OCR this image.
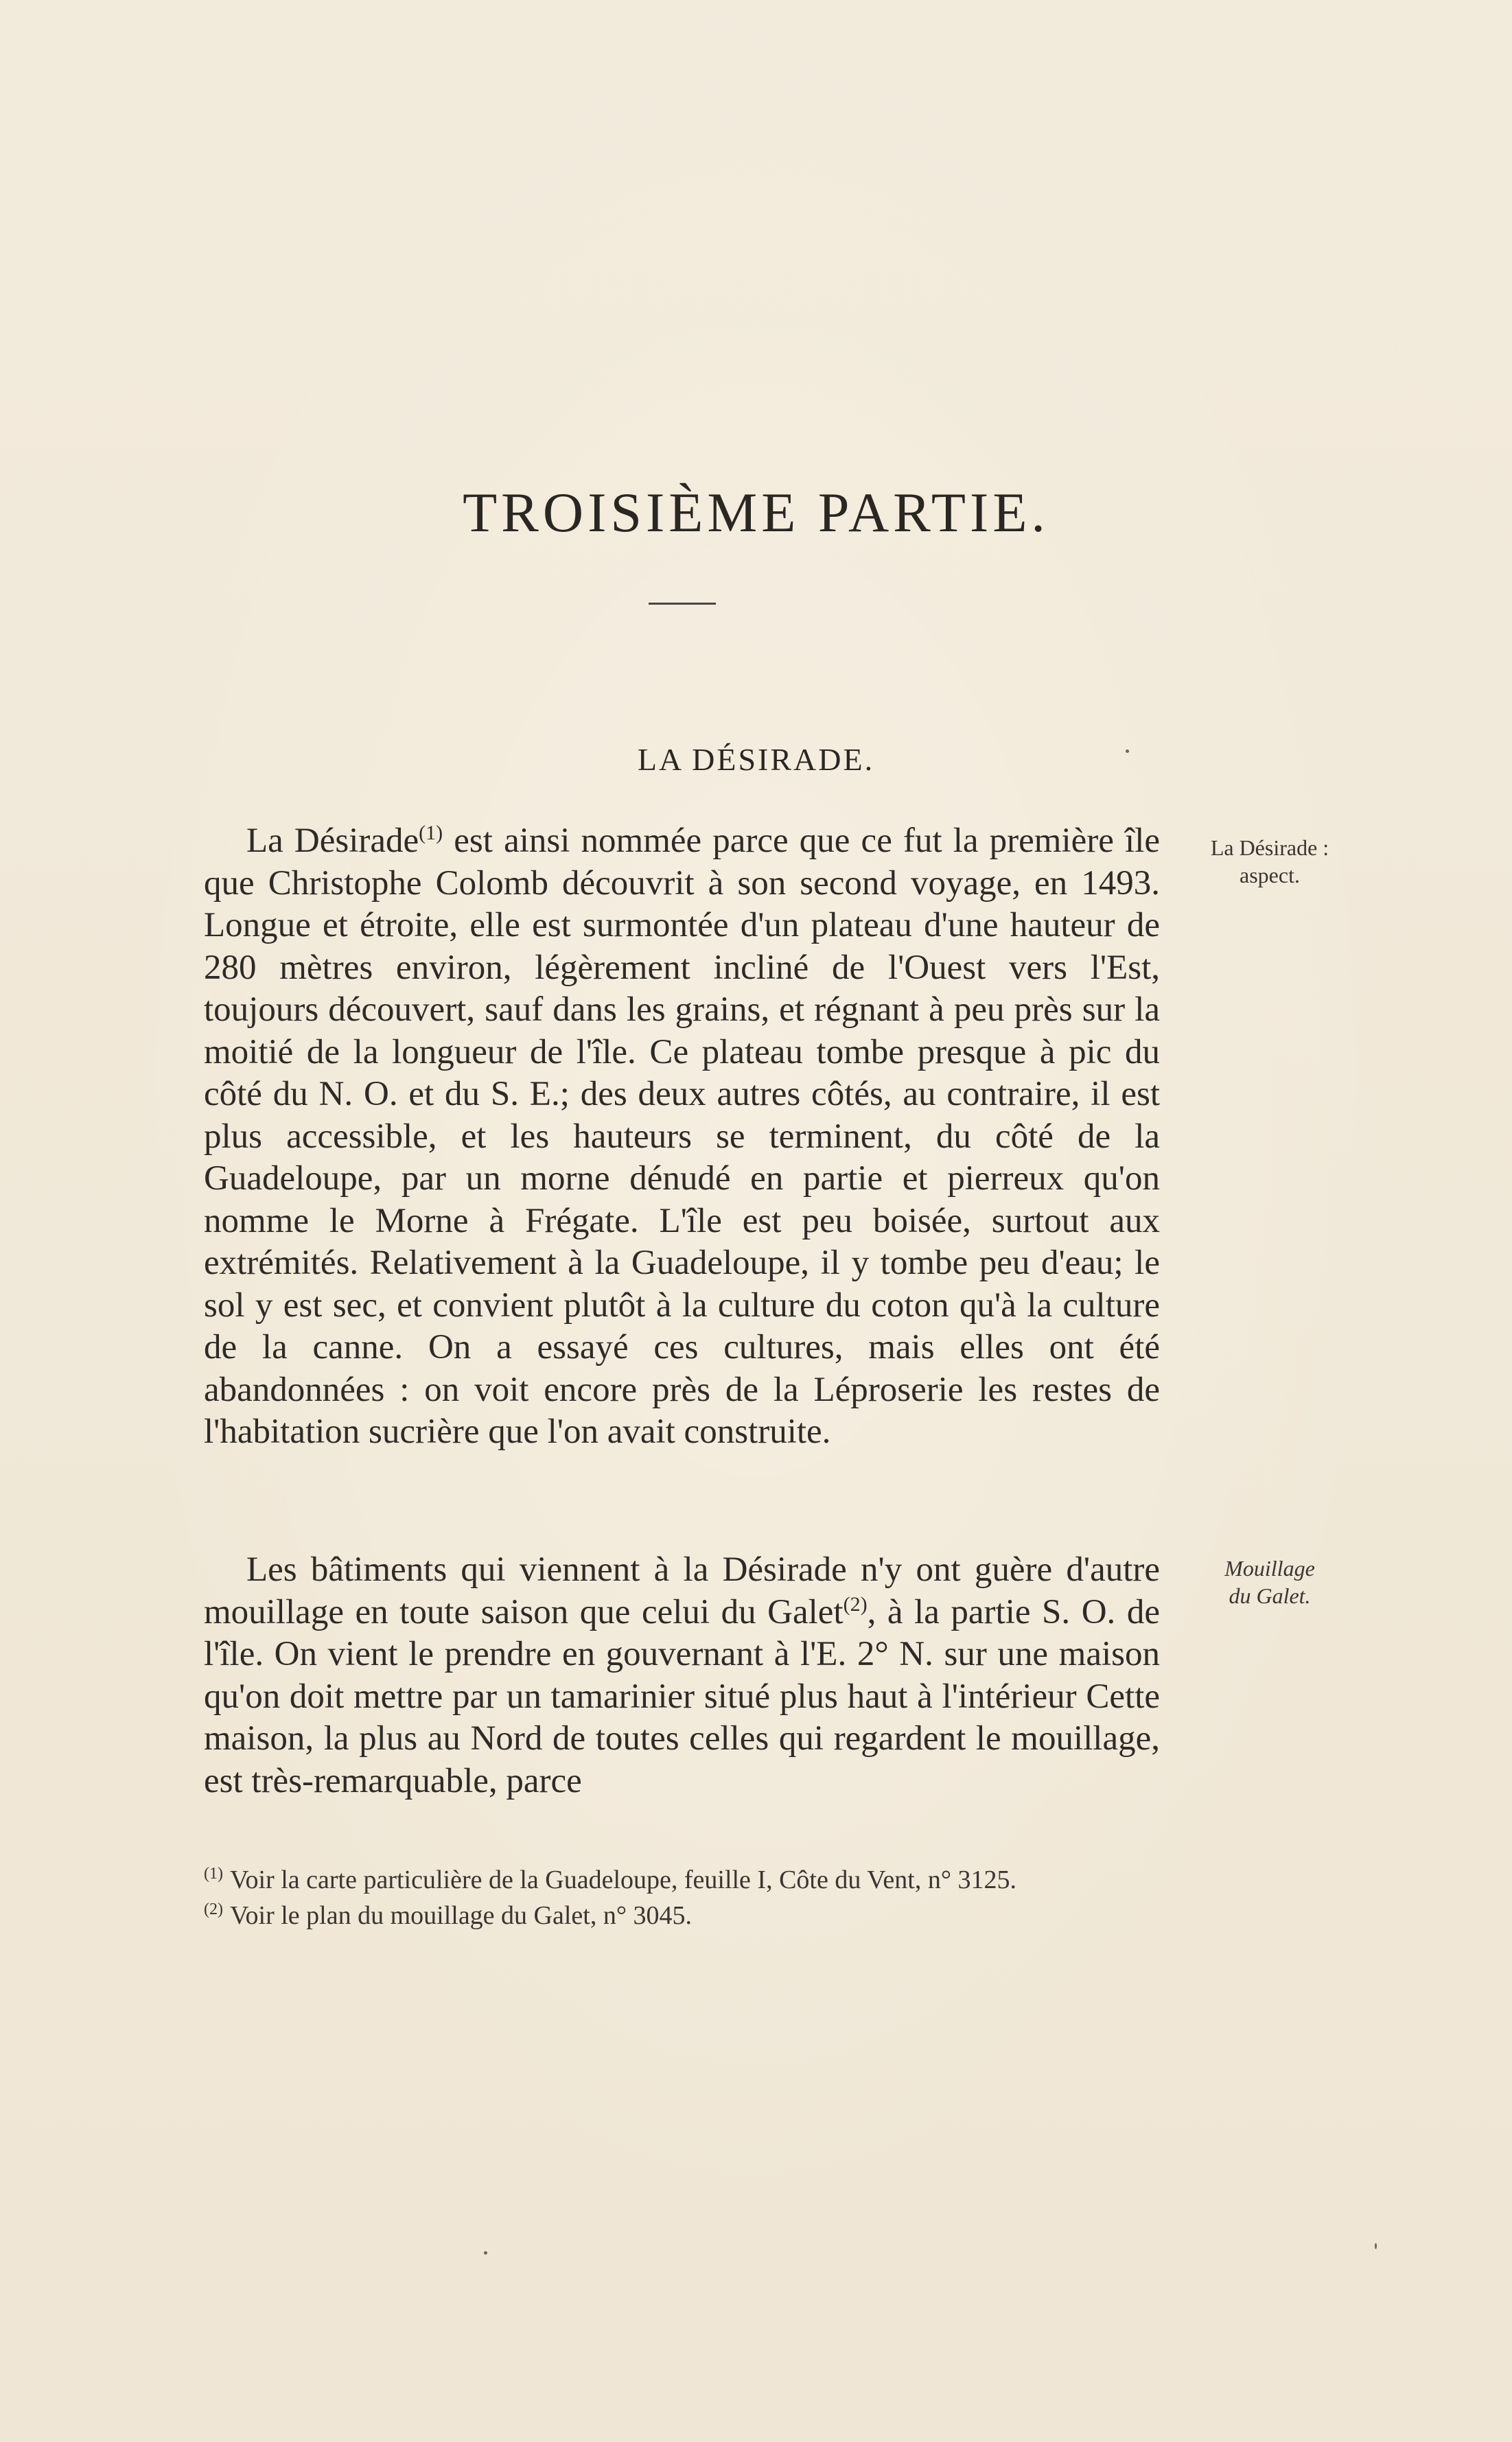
TROISIÈME PARTIE.
LA DÉSIRADE.

La Désirade$^{(1)}$ est ainsi nommée parce que ce fut la première île que Christophe Colomb découvrit à son second voyage, en 1493. Longue et étroite, elle est surmontée d'un plateau d'une hauteur de 280 mètres environ, légèrement incliné de l'Ouest vers l'Est, toujours découvert, sauf dans les grains, et régnant à peu près sur la moitié de la longueur de l'île. Ce plateau tombe presque à pic du côté du N. O. et du S. E.; des deux autres côtés, au contraire, il est plus accessible, et les hauteurs se terminent, du côté de la Guadeloupe, par un morne dénudé en partie et pierreux qu'on nomme le Morne à Frégate. L'île est peu boisée, surtout aux extrémités. Relativement à la Guadeloupe, il y tombe peu d'eau; le sol y est sec, et convient plutôt à la culture du coton qu'à la culture de la canne. On a essayé ces cultures, mais elles ont été abandonnées : on voit encore près de la Léproserie les restes de l'habitation sucrière que l'on avait construite.

La Désirade :
aspect.

Les bâtiments qui viennent à la Désirade n'y ont guère d'autre mouillage en toute saison que celui du Galet$^{(2)}$, à la partie S. O. de l'île. On vient le prendre en gouvernant à l'E. 2° N. sur une maison qu'on doit mettre par un tamarinier situé plus haut à l'intérieur Cette maison, la plus au Nord de toutes celles qui regardent le mouillage, est très-remarquable, parce

Mouillage
du Galet.

$^{(1)}$ Voir la carte particulière de la Guadeloupe, feuille I, Côte du Vent, n° 3125.

$^{(2)}$ Voir le plan du mouillage du Galet, n° 3045.
